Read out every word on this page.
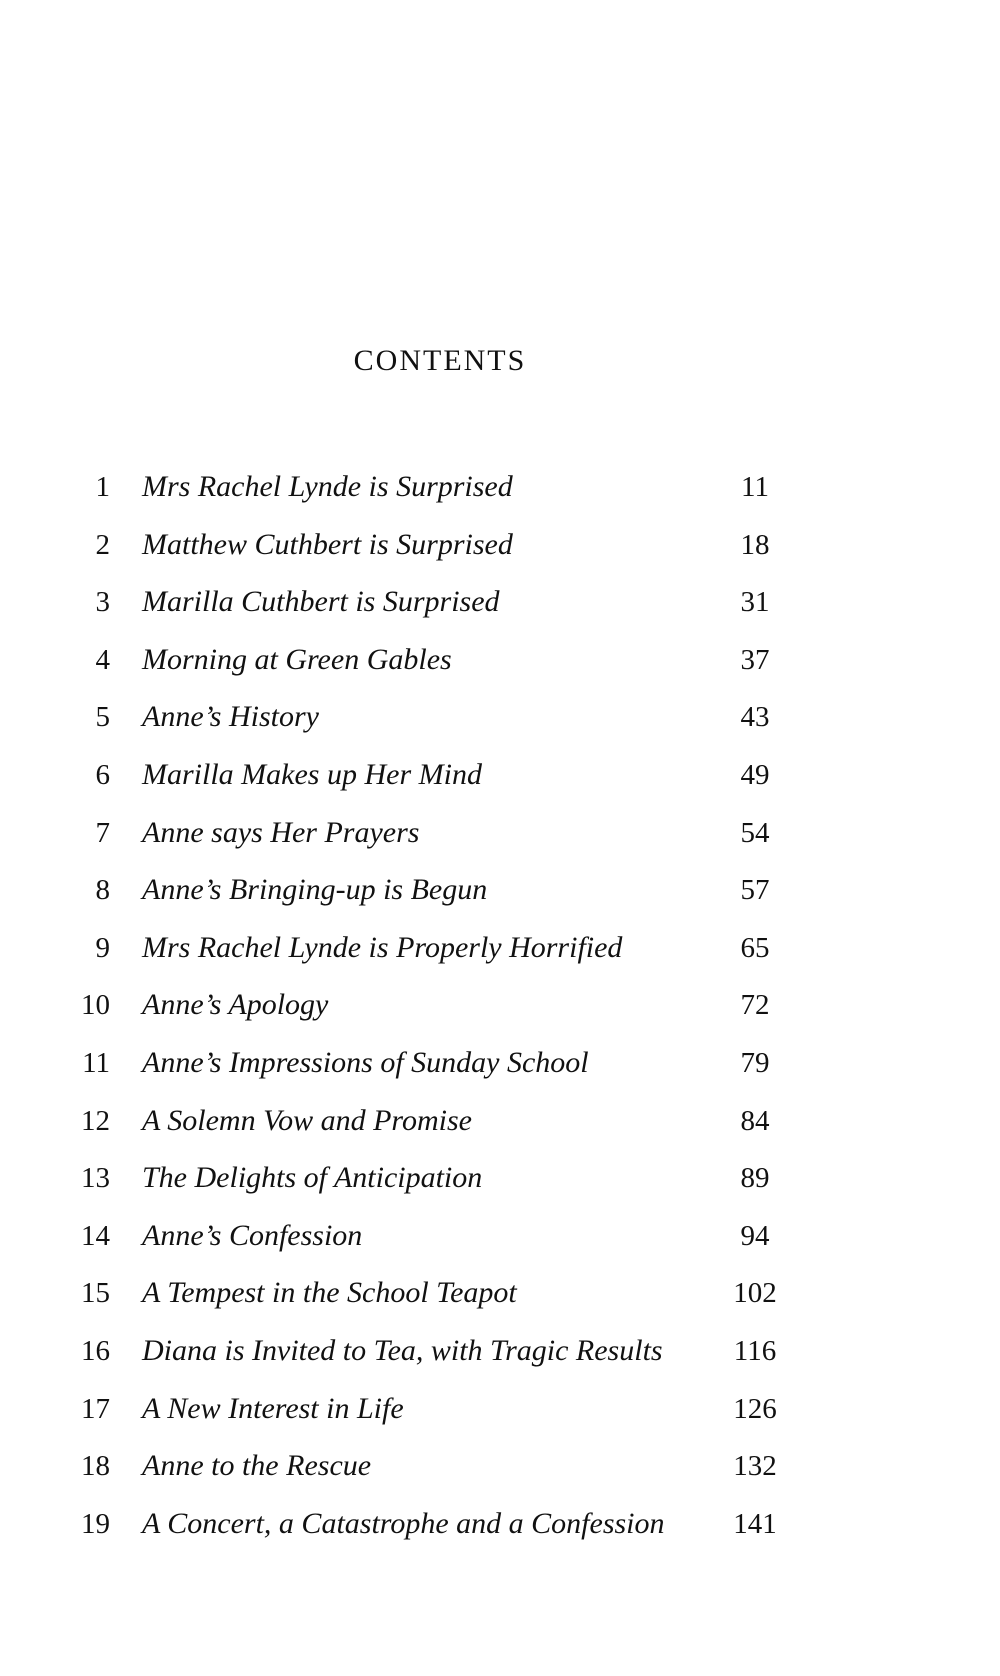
CONTENTS
1 Mrs Rachel Lynde is Surprised	11
2 Matthew Cuthbert is Surprised	18
3 Marilla Cuthbert is Surprised	31
4 Morning at Green Gables	37
5 Anne’s History	43
6 Marilla Makes up Her Mind	49
7 Anne says Her Prayers	54
8 Anne’s Bringing-up is Begun	57
9 Mrs Rachel Lynde is Properly Horrified	65
10 Anne’s Apology	72
11 Anne’s Impressions of Sunday School	79
12 A Solemn Vow and Promise	84
13 The Delights of Anticipation	89
14 Anne’s Confession	94
15 A Tempest in the School Teapot	102
16 Diana is Invited to Tea, with Tragic Results	116
17 A New Interest in Life	126
18 Anne to the Rescue	132
19 A Concert, a Catastrophe and a Confession	141
